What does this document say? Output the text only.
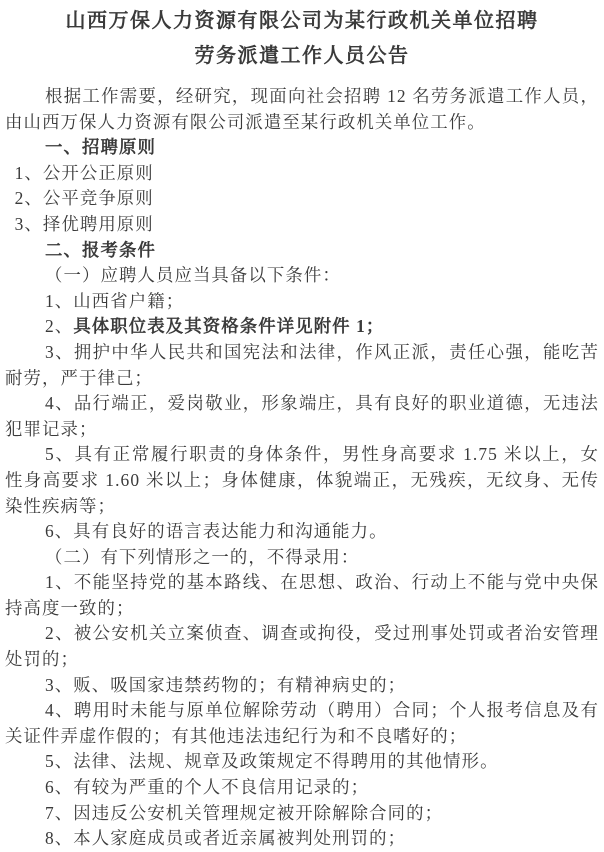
山西万保人力资源有限公司为某行政机关单位招聘
劳务派遣工作人员公告

根据工作需要，经研究，现面向社会招聘 12 名劳务派遣工作人员，由山西万保人力资源有限公司派遣至某行政机关单位工作。

一、招聘原则

1、公开公正原则

2、公平竞争原则

3、择优聘用原则

二、报考条件

（一）应聘人员应当具备以下条件：

1、山西省户籍；

2、具体职位表及其资格条件详见附件 1；

3、拥护中华人民共和国宪法和法律，作风正派，责任心强，能吃苦耐劳，严于律己；

4、品行端正，爱岗敬业，形象端庄，具有良好的职业道德，无违法犯罪记录；

5、具有正常履行职责的身体条件，男性身高要求 1.75 米以上，女性身高要求 1.60 米以上；身体健康，体貌端正，无残疾，无纹身、无传染性疾病等；

6、具有良好的语言表达能力和沟通能力。

（二）有下列情形之一的，不得录用：

1、不能坚持党的基本路线、在思想、政治、行动上不能与党中央保持高度一致的；

2、被公安机关立案侦查、调查或拘役，受过刑事处罚或者治安管理处罚的；

3、贩、吸国家违禁药物的；有精神病史的；

4、聘用时未能与原单位解除劳动（聘用）合同；个人报考信息及有关证件弄虚作假的；有其他违法违纪行为和不良嗜好的；

5、法律、法规、规章及政策规定不得聘用的其他情形。

6、有较为严重的个人不良信用记录的；

7、因违反公安机关管理规定被开除解除合同的；

8、本人家庭成员或者近亲属被判处刑罚的；
